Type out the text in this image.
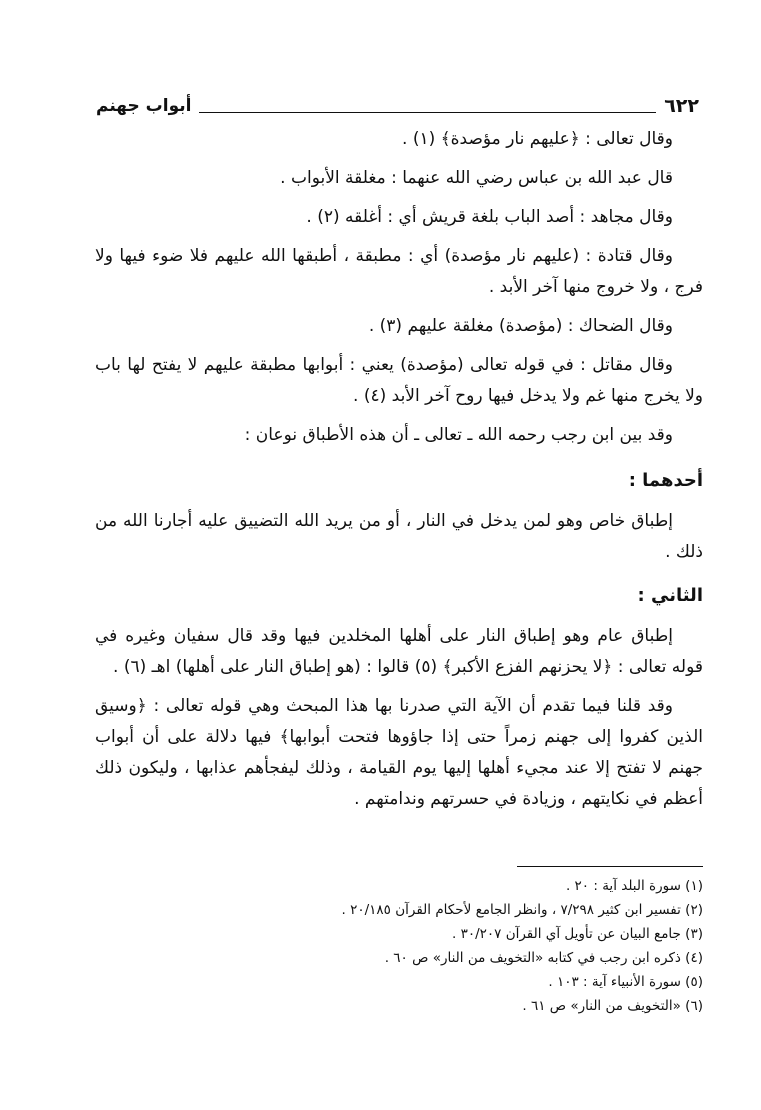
٦٢٢
أبواب جهنم

وقال تعالى : ﴿عليهم نار مؤصدة﴾ (١) .

قال عبد الله بن عباس رضي الله عنهما : مغلقة الأبواب .

وقال مجاهد : أصد الباب بلغة قريش أي : أغلقه (٢) .

وقال قتادة : (عليهم نار مؤصدة) أي : مطبقة ، أطبقها الله عليهم فلا ضوء فيها ولا فرج ، ولا خروج منها آخر الأبد .

وقال الضحاك : (مؤصدة) مغلقة عليهم (٣) .

وقال مقاتل : في قوله تعالى (مؤصدة) يعني : أبوابها مطبقة عليهم لا يفتح لها باب ولا يخرج منها غم ولا يدخل فيها روح آخر الأبد (٤) .

وقد بين ابن رجب رحمه الله ـ تعالى ـ أن هذه الأطباق نوعان :

أحدهما :

إطباق خاص وهو لمن يدخل في النار ، أو من يريد الله التضييق عليه أجارنا الله من ذلك .

الثاني :

إطباق عام وهو إطباق النار على أهلها المخلدين فيها وقد قال سفيان وغيره في قوله تعالى : ﴿لا يحزنهم الفزع الأكبر﴾ (٥) قالوا : (هو إطباق النار على أهلها) اهـ (٦) .

وقد قلنا فيما تقدم أن الآية التي صدرنا بها هذا المبحث وهي قوله تعالى : ﴿وسيق الذين كفروا إلى جهنم زمراً حتى إذا جاؤوها فتحت أبوابها﴾ فيها دلالة على أن أبواب جهنم لا تفتح إلا عند مجيء أهلها إليها يوم القيامة ، وذلك ليفجأهم عذابها ، وليكون ذلك أعظم في نكايتهم ، وزيادة في حسرتهم وندامتهم .

(١) سورة البلد آية : ٢٠ .

(٢) تفسير ابن كثير ٧/٢٩٨ ، وانظر الجامع لأحكام القرآن ٢٠/١٨٥ .

(٣) جامع البيان عن تأويل آي القرآن ٣٠/٢٠٧ .

(٤) ذكره ابن رجب في كتابه «التخويف من النار» ص ٦٠ .

(٥) سورة الأنبياء آية : ١٠٣ .

(٦) «التخويف من النار» ص ٦١ .
